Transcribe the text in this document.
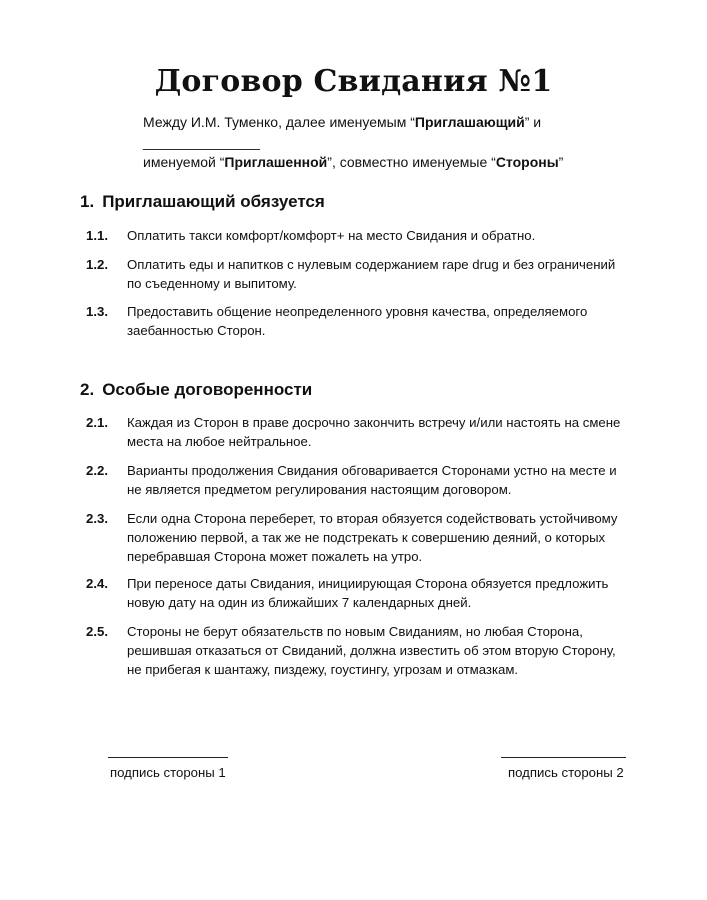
Договор Свидания №1
Между И.М. Туменко, далее именуемым “Приглашающий” и _______________
именуемой “Приглашенной”, совместно именуемые “Стороны”
1. Приглашающий обязуется
1.1.	Оплатить такси комфорт/комфорт+ на место Свидания и обратно.
1.2.	Оплатить еды и напитков с нулевым содержанием rape drug и без ограничений
по съеденному и выпитому.
1.3.	Предоставить общение неопределенного уровня качества, определяемого
заебанностью Сторон.
2. Особые договоренности
2.1.	Каждая из Сторон в праве досрочно закончить встречу и/или настоять на смене
места на любое нейтральное.
2.2.	Варианты продолжения Свидания обговаривается Сторонами устно на месте и
не является предметом регулирования настоящим договором.
2.3.	Если одна Сторона переберет, то вторая обязуется содействовать устойчивому
положению первой, а так же не подстрекать к совершению деяний, о которых
перебравшая Сторона может пожалеть на утро.
2.4.	При переносе даты Свидания, инициирующая Сторона обязуется предложить
новую дату на один из ближайших 7 календарных дней.
2.5.	Стороны не берут обязательств по новым Свиданиям, но любая Сторона,
решившая отказаться от Свиданий, должна известить об этом вторую Сторону,
не прибегая к шантажу, пиздежу, гоустингу, угрозам и отмазкам.
подпись стороны 1	подпись стороны 2
